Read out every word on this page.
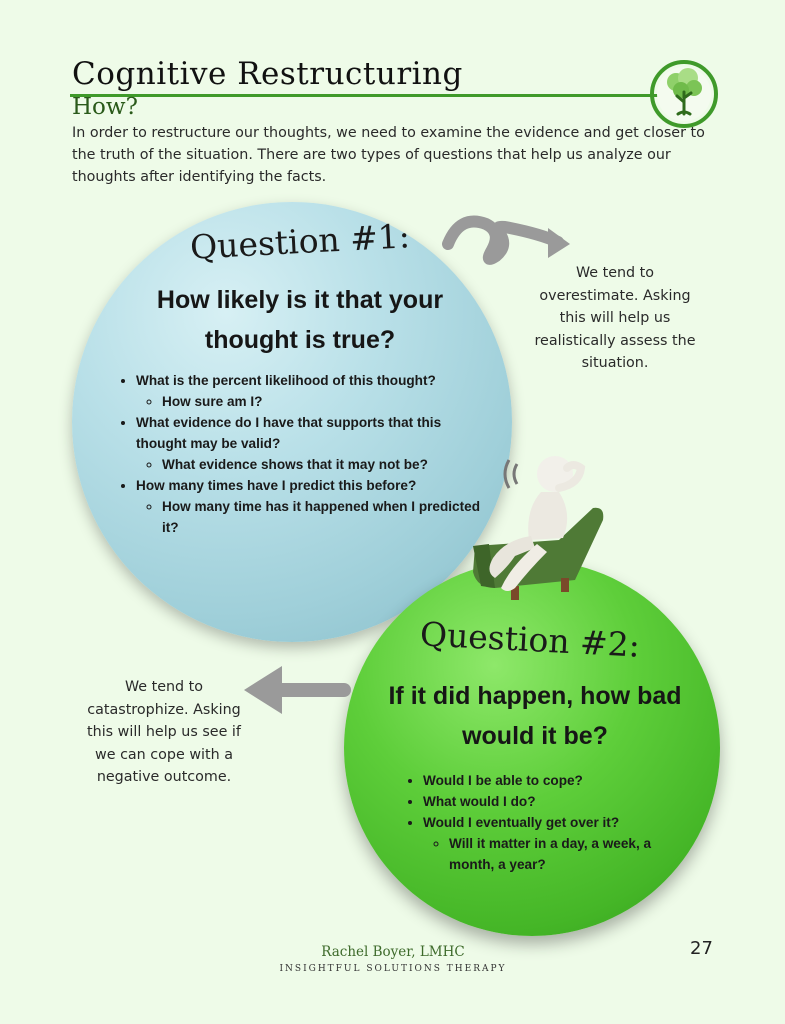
Cognitive Restructuring
How?
In order to restructure our thoughts, we need to examine the evidence and get closer to the truth of the situation. There are two types of questions that help us analyze our thoughts after identifying the facts.
Question #1:
How likely is it that your thought is true?
• What is the percent likelihood of this thought?
◦ How sure am I?
• What evidence do I have that supports that this thought may be valid?
◦ What evidence shows that it may not be?
• How many times have I predict this before?
◦ How many time has it happened when I predicted it?
We tend to overestimate. Asking this will help us realistically assess the situation.
Question #2:
If it did happen, how bad would it be?
• Would I be able to cope?
• What would I do?
• Would I eventually get over it?
◦ Will it matter in a day, a week, a month, a year?
We tend to catastrophize. Asking this will help us see if we can cope with a negative outcome.
Rachel Boyer, LMHC
INSIGHTFUL SOLUTIONS THERAPY
27
